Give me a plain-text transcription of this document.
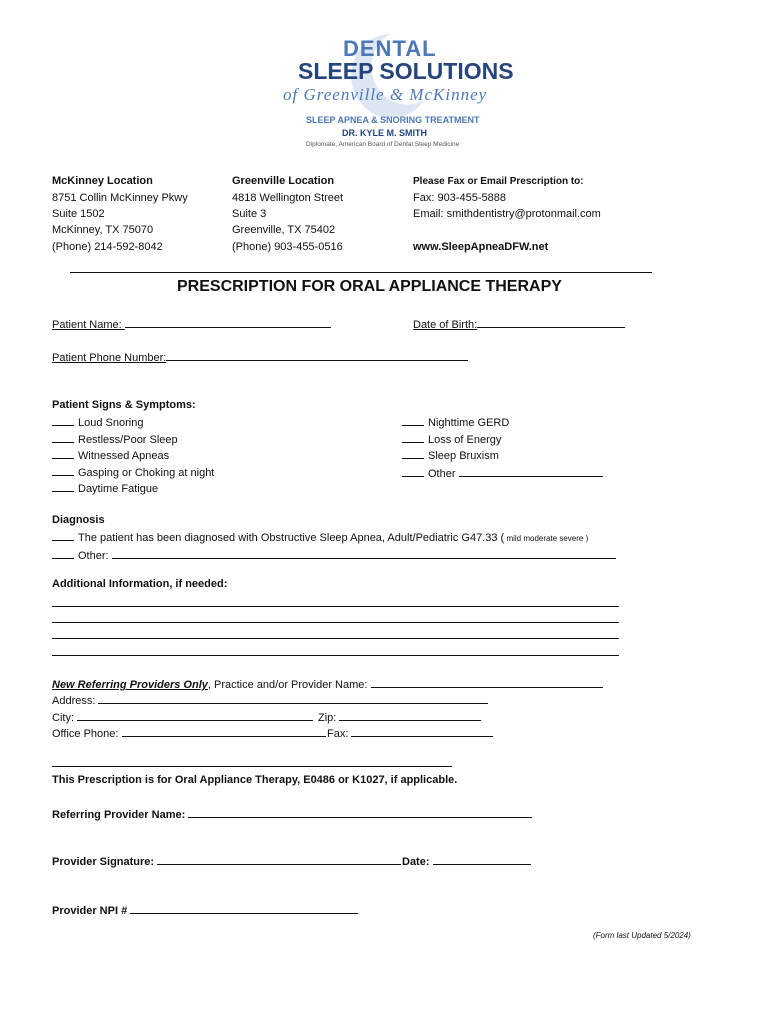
DENTAL
SLEEP SOLUTIONS
of Greenville & McKinney
SLEEP APNEA & SNORING TREATMENT
DR. KYLE M. SMITH
Diplomate, American Board of Dental Sleep Medicine
McKinney Location
8751 Collin McKinney Pkwy
Suite 1502
McKinney, TX 75070
(Phone) 214-592-8042
Greenville Location
4818 Wellington Street
Suite 3
Greenville, TX 75402
(Phone) 903-455-0516
Please Fax or Email Prescription to:
Fax: 903-455-5888
Email: smithdentistry@protonmail.com
www.SleepApneaDFW.net
PRESCRIPTION FOR ORAL APPLIANCE THERAPY
Patient Name:	Date of Birth:
Patient Phone Number:
Patient Signs & Symptoms:
Loud Snoring
Restless/Poor Sleep
Witnessed Apneas
Gasping or Choking at night
Daytime Fatigue
Nighttime GERD
Loss of Energy
Sleep Bruxism
Other
Diagnosis
The patient has been diagnosed with Obstructive Sleep Apnea, Adult/Pediatric G47.33 ( mild moderate severe )
Other:
Additional Information, if needed:
New Referring Providers Only, Practice and/or Provider Name:
Address:
City:	Zip:
Office Phone:	Fax:
This Prescription is for Oral Appliance Therapy, E0486 or K1027, if applicable.
Referring Provider Name:
Provider Signature:	Date:
Provider NPI #
(Form last Updated 5/2024)
